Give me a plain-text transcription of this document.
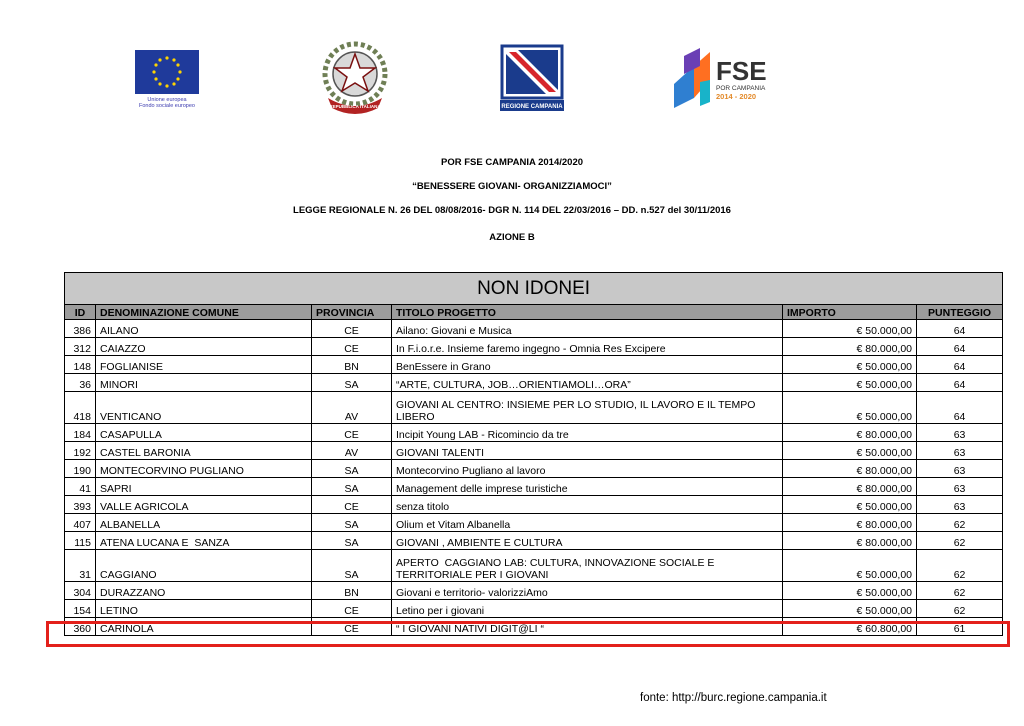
Unione europea
Fondo sociale europeo	REPUBBLICA ITALIANA	REGIONE CAMPANIA
FSE
POR CAMPANIA
2014 - 2020
POR FSE CAMPANIA 2014/2020
“BENESSERE GIOVANI- ORGANIZZIAMOCI”
LEGGE REGIONALE N. 26 DEL 08/08/2016- DGR N. 114 DEL 22/03/2016 – DD. n.527 del 30/11/2016
AZIONE B
NON IDONEI					
ID	DENOMINAZIONE COMUNE	PROVINCIA	TITOLO PROGETTO	IMPORTO	PUNTEGGIO
386	AILANO	CE	Ailano: Giovani e Musica	€ 50.000,00	64
312	CAIAZZO	CE	In F.i.o.r.e. Insieme faremo ingegno - Omnia Res Excipere	€ 80.000,00	64
148	FOGLIANISE	BN	BenEssere in Grano	€ 50.000,00	64
36	MINORI	SA	“ARTE, CULTURA, JOB…ORIENTIAMOLI…ORA”	€ 50.000,00	64
418	VENTICANO	AV	GIOVANI AL CENTRO: INSIEME PER LO STUDIO, IL LAVORO E IL TEMPO
LIBERO	€ 50.000,00	64
184	CASAPULLA	CE	Incipit Young LAB - Ricomincio da tre	€ 80.000,00	63
192	CASTEL BARONIA	AV	GIOVANI TALENTI	€ 50.000,00	63
190	MONTECORVINO PUGLIANO	SA	Montecorvino Pugliano al lavoro	€ 80.000,00	63
41	SAPRI	SA	Management delle imprese turistiche	€ 80.000,00	63
393	VALLE AGRICOLA	CE	senza titolo	€ 50.000,00	63
407	ALBANELLA	SA	Olium et Vitam Albanella	€ 80.000,00	62
115	ATENA LUCANA E  SANZA	SA	GIOVANI , AMBIENTE E CULTURA	€ 80.000,00	62
31	CAGGIANO	SA	APERTO  CAGGIANO LAB: CULTURA, INNOVAZIONE SOCIALE E
TERRITORIALE PER I GIOVANI	€ 50.000,00	62
304	DURAZZANO	BN	Giovani e territorio- valorizziAmo	€ 50.000,00	62
154	LETINO	CE	Letino per i giovani	€ 50.000,00	62
360	CARINOLA	CE	“ I GIOVANI NATIVI DIGIT@LI “	€ 60.800,00	61
fonte: http://burc.regione.campania.it
